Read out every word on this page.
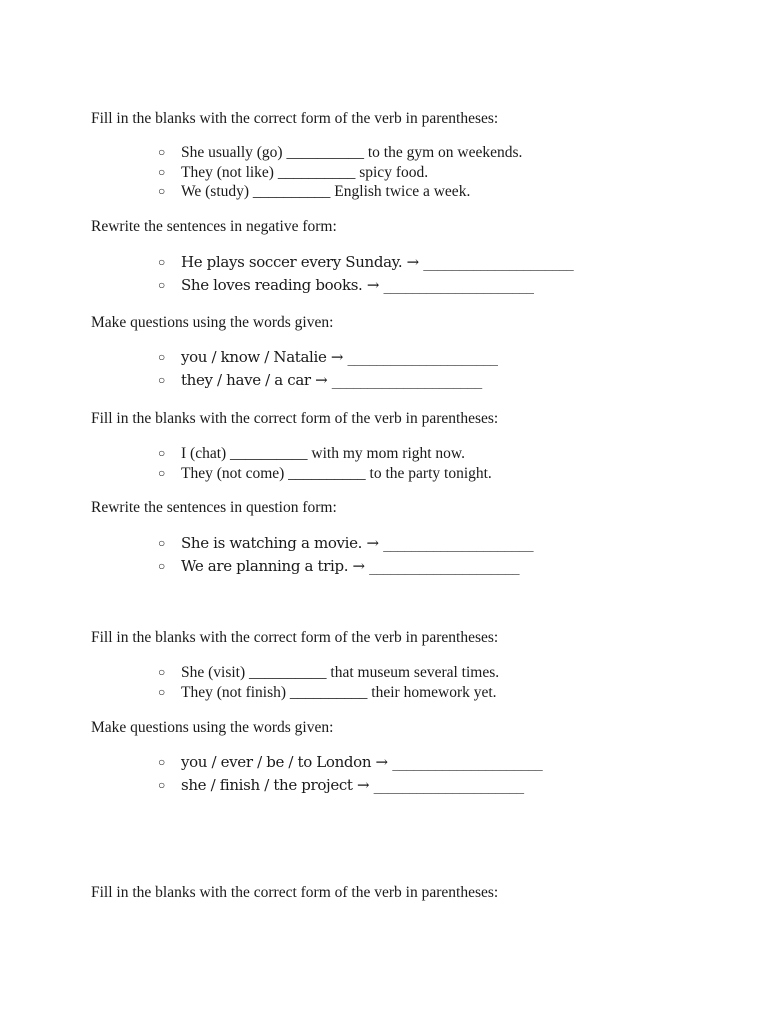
Fill in the blanks with the correct form of the verb in parentheses:

○ She usually (go) __________ to the gym on weekends.
○ They (not like) __________ spicy food.
○ We (study) __________ English twice a week.

Rewrite the sentences in negative form:

○ He plays soccer every Sunday. → _____________________
○ She loves reading books. → _____________________

Make questions using the words given:

○ you / know / Natalie → _____________________
○ they / have / a car → _____________________

Fill in the blanks with the correct form of the verb in parentheses:

○ I (chat) __________ with my mom right now.
○ They (not come) __________ to the party tonight.

Rewrite the sentences in question form:

○ She is watching a movie. → _____________________
○ We are planning a trip. → _____________________

Fill in the blanks with the correct form of the verb in parentheses:

○ She (visit) __________ that museum several times.
○ They (not finish) __________ their homework yet.

Make questions using the words given:

○ you / ever / be / to London → _____________________
○ she / finish / the project → _____________________

Fill in the blanks with the correct form of the verb in parentheses:
